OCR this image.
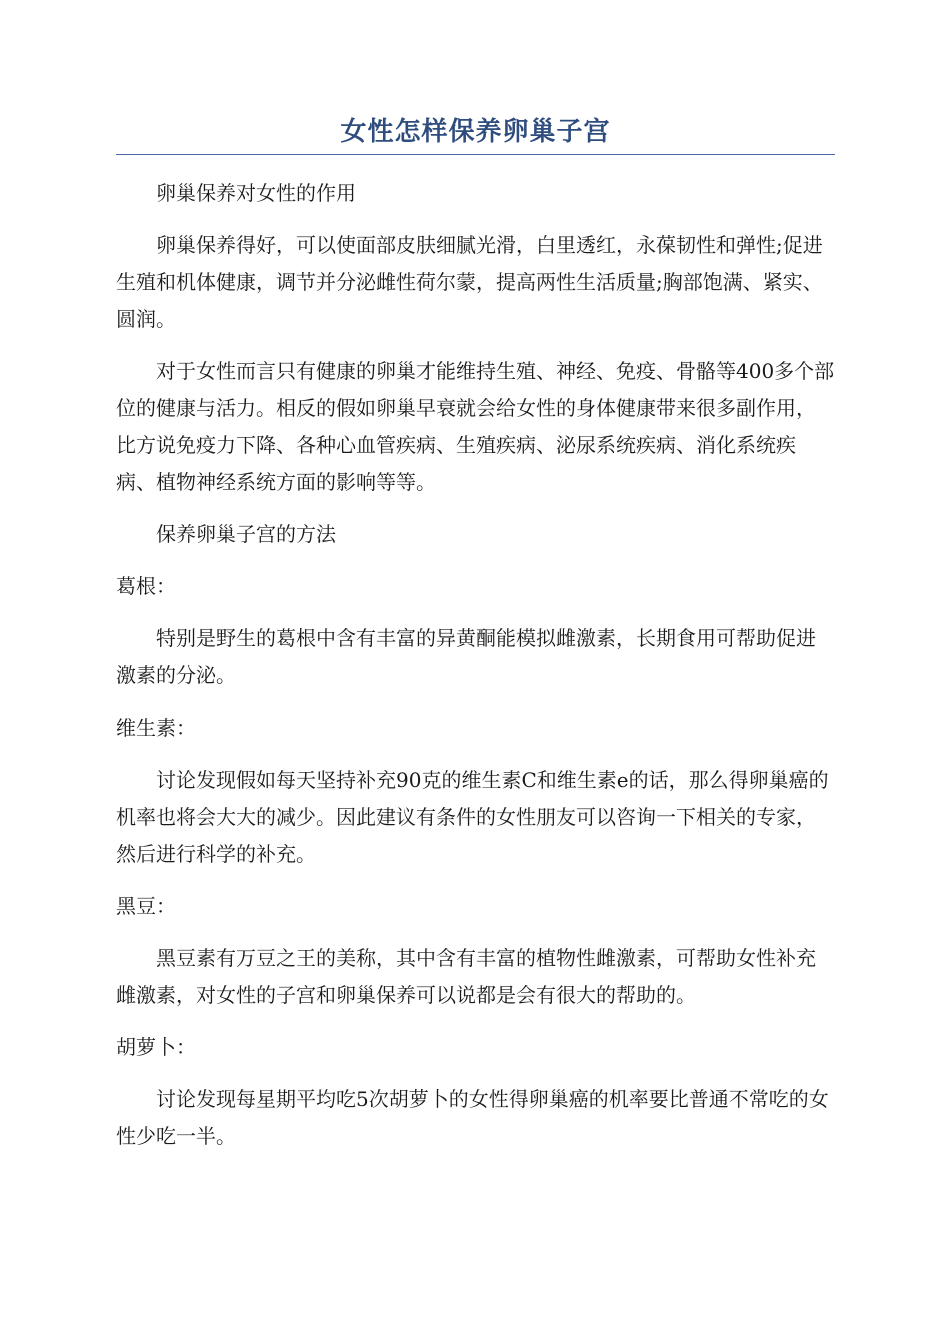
女性怎样保养卵巢子宫

卵巢保养对女性的作用

卵巢保养得好，可以使面部皮肤细腻光滑，白里透红，永葆韧性和弹性;促进生殖和机体健康，调节并分泌雌性荷尔蒙，提高两性生活质量;胸部饱满、紧实、圆润。

对于女性而言只有健康的卵巢才能维持生殖、神经、免疫、骨骼等400多个部位的健康与活力。相反的假如卵巢早衰就会给女性的身体健康带来很多副作用，比方说免疫力下降、各种心血管疾病、生殖疾病、泌尿系统疾病、消化系统疾病、植物神经系统方面的影响等等。

保养卵巢子宫的方法

葛根：

特别是野生的葛根中含有丰富的异黄酮能模拟雌激素，长期食用可帮助促进激素的分泌。

维生素：

讨论发现假如每天坚持补充90克的维生素C和维生素e的话，那么得卵巢癌的机率也将会大大的减少。因此建议有条件的女性朋友可以咨询一下相关的专家，然后进行科学的补充。

黑豆：

黑豆素有万豆之王的美称，其中含有丰富的植物性雌激素，可帮助女性补充雌激素，对女性的子宫和卵巢保养可以说都是会有很大的帮助的。

胡萝卜：

讨论发现每星期平均吃5次胡萝卜的女性得卵巢癌的机率要比普通不常吃的女性少吃一半。
